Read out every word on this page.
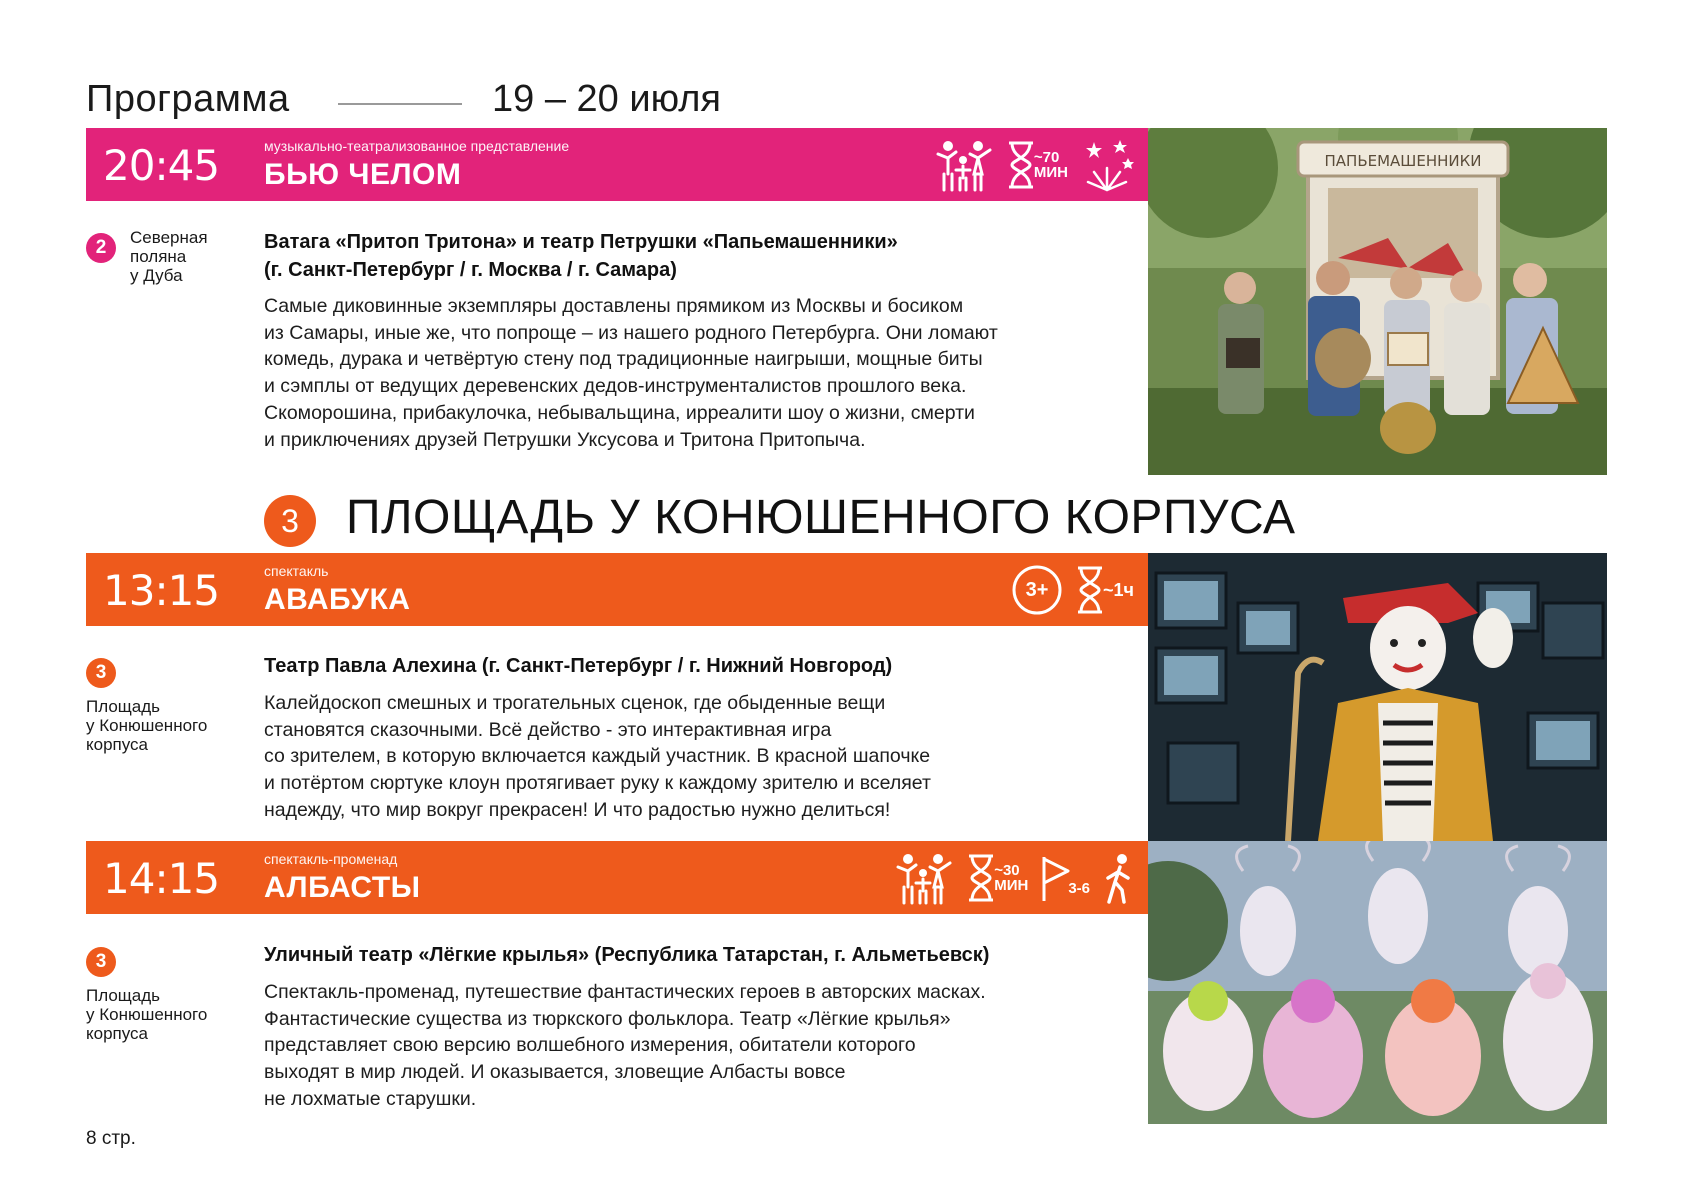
Программа	19 – 20 июля
20:45	музыкально-театрализованное представление
БЬЮ ЧЕЛОМ
~70
МИН
2	Северная
поляна
у Дуба
Ватага «Притоп Тритона» и театр Петрушки «Папьемашенники»
(г. Санкт-Петербург / г. Москва / г. Самара)
Самые диковинные экземпляры доставлены прямиком из Москвы и босиком
из Самары, иные же, что попроще – из нашего родного Петербурга. Они ломают
комедь, дурака и четвёртую стену под традиционные наигрыши, мощные биты
и сэмплы от ведущих деревенских дедов-инструменталистов прошлого века.
Скоморошина, прибакулочка, небывальщина, ирреалити шоу о жизни, смерти
и приключениях друзей Петрушки Уксусова и Тритона Притопыча.
ПАПЬЕМАШЕННИКИ
3 ПЛОЩАДЬ У КОНЮШЕННОГО КОРПУСА
13:15	спектакль
АВАБУКА	3+	~1ч
3
Площадь
у Конюшенного
корпуса
Театр Павла Алехина (г. Санкт-Петербург / г. Нижний Новгород)
Калейдоскоп смешных и трогательных сценок, где обыденные вещи
становятся сказочными. Всё действо - это интерактивная игра
со зрителем, в которую включается каждый участник. В красной шапочке
и потёртом сюртуке клоун протягивает руку к каждому зрителю и вселяет
надежду, что мир вокруг прекрасен! И что радостью нужно делиться!
14:15	спектакль-променад
АЛБАСТЫ
~30
МИН	3-6
3
Площадь
у Конюшенного
корпуса
Уличный театр «Лёгкие крылья» (Республика Татарстан, г. Альметьевск)
Спектакль-променад, путешествие фантастических героев в авторских масках.
Фантастические существа из тюркского фольклора. Театр «Лёгкие крылья»
представляет свою версию волшебного измерения, обитатели которого
выходят в мир людей. И оказывается, зловещие Албасты вовсе
не лохматые старушки.
8 стр.
